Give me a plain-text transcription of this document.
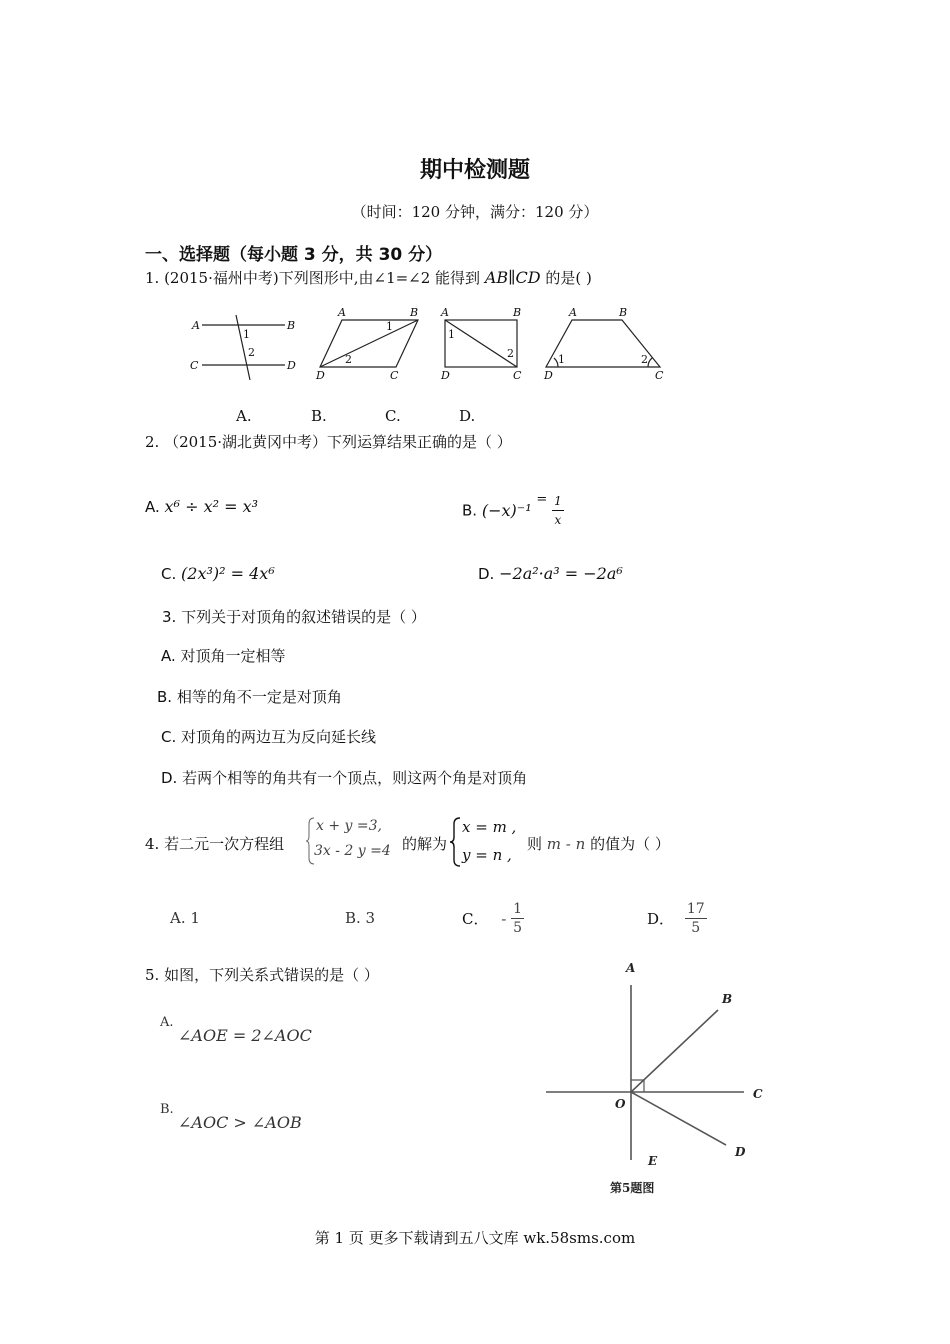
期中检测题
（时间：120 分钟，满分：120 分）
一、选择题（每小题 3 分，共 30 分）
1. (2015·福州中考)下列图形中,由∠1=∠2 能得到 AB∥CD 的是( )
A	B
C	D
1
2
A	B
D	C
1
2
A	B
D	C
1
2
A	B
D	C
1	2
A.	B.	C.	D.
2. （2015·湖北黄冈中考）下列运算结果正确的是（ ）
A. x⁶ ÷ x² = x³	B. $(-x)^{-1} = \frac{1}{x}$
C. (2x³)² = 4x⁶	D. −2a²·a³ = −2a⁶
3. 下列关于对顶角的叙述错误的是（ ）
A. 对顶角一定相等
B. 相等的角不一定是对顶角
C. 对顶角的两边互为反向延长线
D. 若两个相等的角共有一个顶点，则这两个角是对顶角
4. 若二元一次方程组
x + y =3,
3x - 2 y =4 的解为
x = m ,
y = n ,
则 m - n 的值为（ ）
A. 1	B. 3	C． - $\frac{1}{5}$	D． $\frac{17}{5}$
5. 如图，下列关系式错误的是（ ）
A.
∠AOE = 2∠AOC
B.
∠AOC > ∠AOB
A
B
C
D
E
O
第5题图
第 1 页 更多下载请到五八文库 wk.58sms.com
